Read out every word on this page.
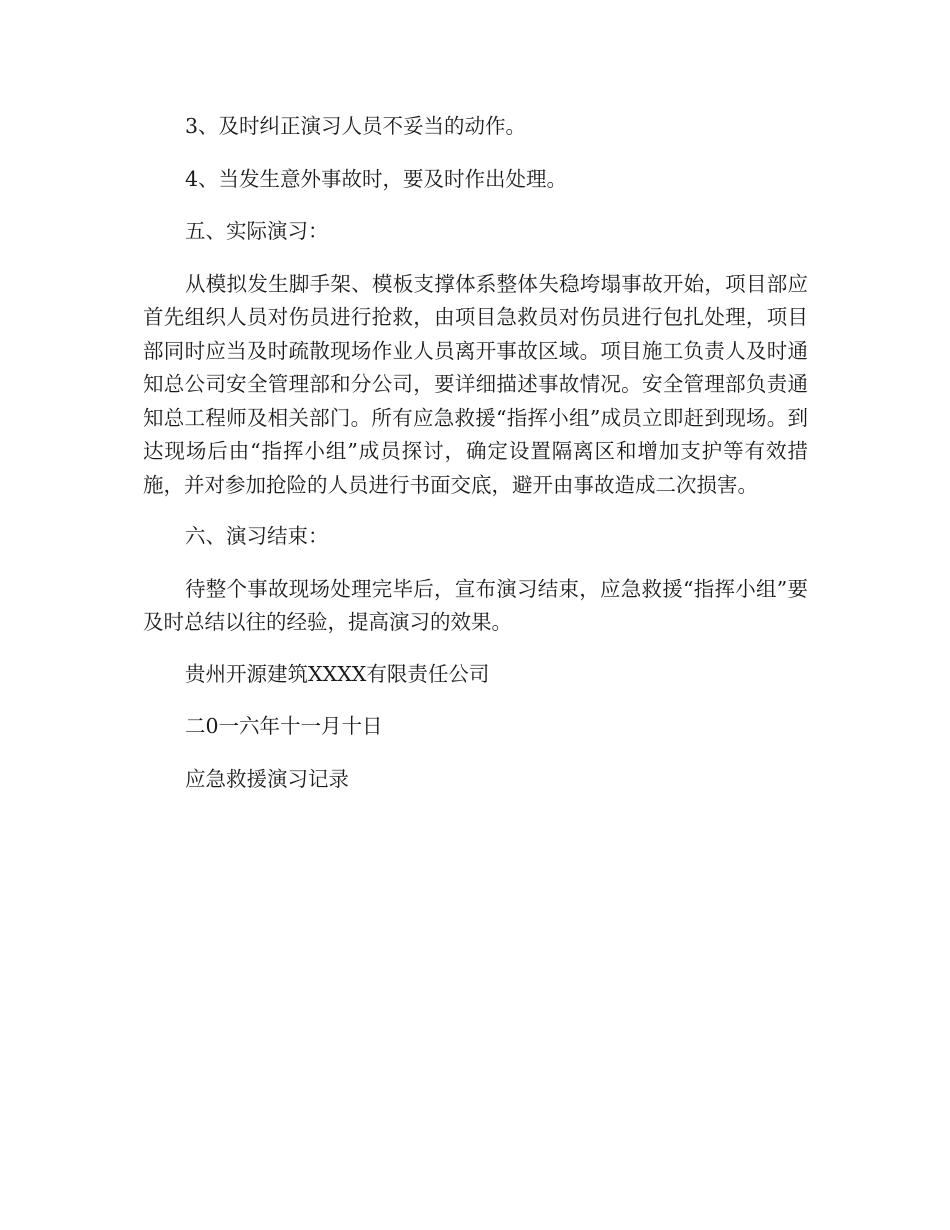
3、及时纠正演习人员不妥当的动作。

4、当发生意外事故时，要及时作出处理。

五、实际演习：

从模拟发生脚手架、模板支撑体系整体失稳垮塌事故开始，项目部应首先组织人员对伤员进行抢救，由项目急救员对伤员进行包扎处理，项目部同时应当及时疏散现场作业人员离开事故区域。项目施工负责人及时通知总公司安全管理部和分公司，要详细描述事故情况。安全管理部负责通知总工程师及相关部门。所有应急救援“指挥小组”成员立即赶到现场。到达现场后由“指挥小组”成员探讨，确定设置隔离区和增加支护等有效措施，并对参加抢险的人员进行书面交底，避开由事故造成二次损害。

六、演习结束：

待整个事故现场处理完毕后，宣布演习结束，应急救援“指挥小组”要及时总结以往的经验，提高演习的效果。

贵州开源建筑XXXX有限责任公司

二0一六年十一月十日

应急救援演习记录
